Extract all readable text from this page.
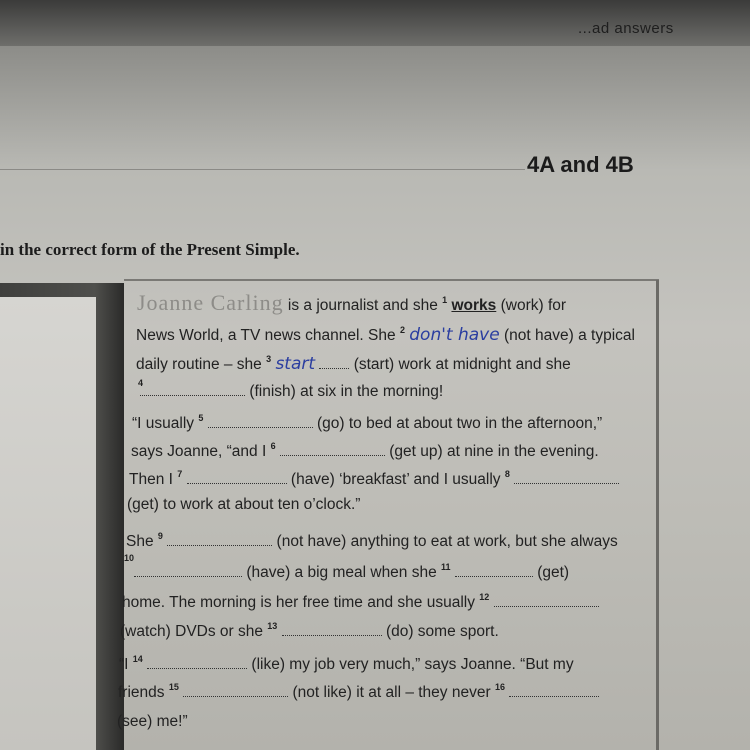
...ad answers

4A and 4B
in the correct form of the Present Simple.
Joanne Carling is a journalist and she $^1$ works (work) for
News World, a TV news channel. She $^2$ don't have (not have) a typical
daily routine – she $^3$ start (start) work at midnight and she
$^4$	(finish) at six in the morning!
“I usually $^5$	(go) to bed at about two in the afternoon,”
says Joanne, “and I $^6$	(get up) at nine in the evening.
Then I $^7$	(have) ‘breakfast’ and I usually $^8$
(get) to work at about ten o’clock.”
She $^9$	(not have) anything to eat at work, but she always
$^{10}$
(have) a big meal when she $^{11}$	(get)
home. The morning is her free time and she usually $^{12}$
(watch) DVDs or she $^{13}$	(do) some sport.
“I $^{14}$	(like) my job very much,” says Joanne. “But my
friends $^{15}$	(not like) it at all – they never $^{16}$
(see) me!”
